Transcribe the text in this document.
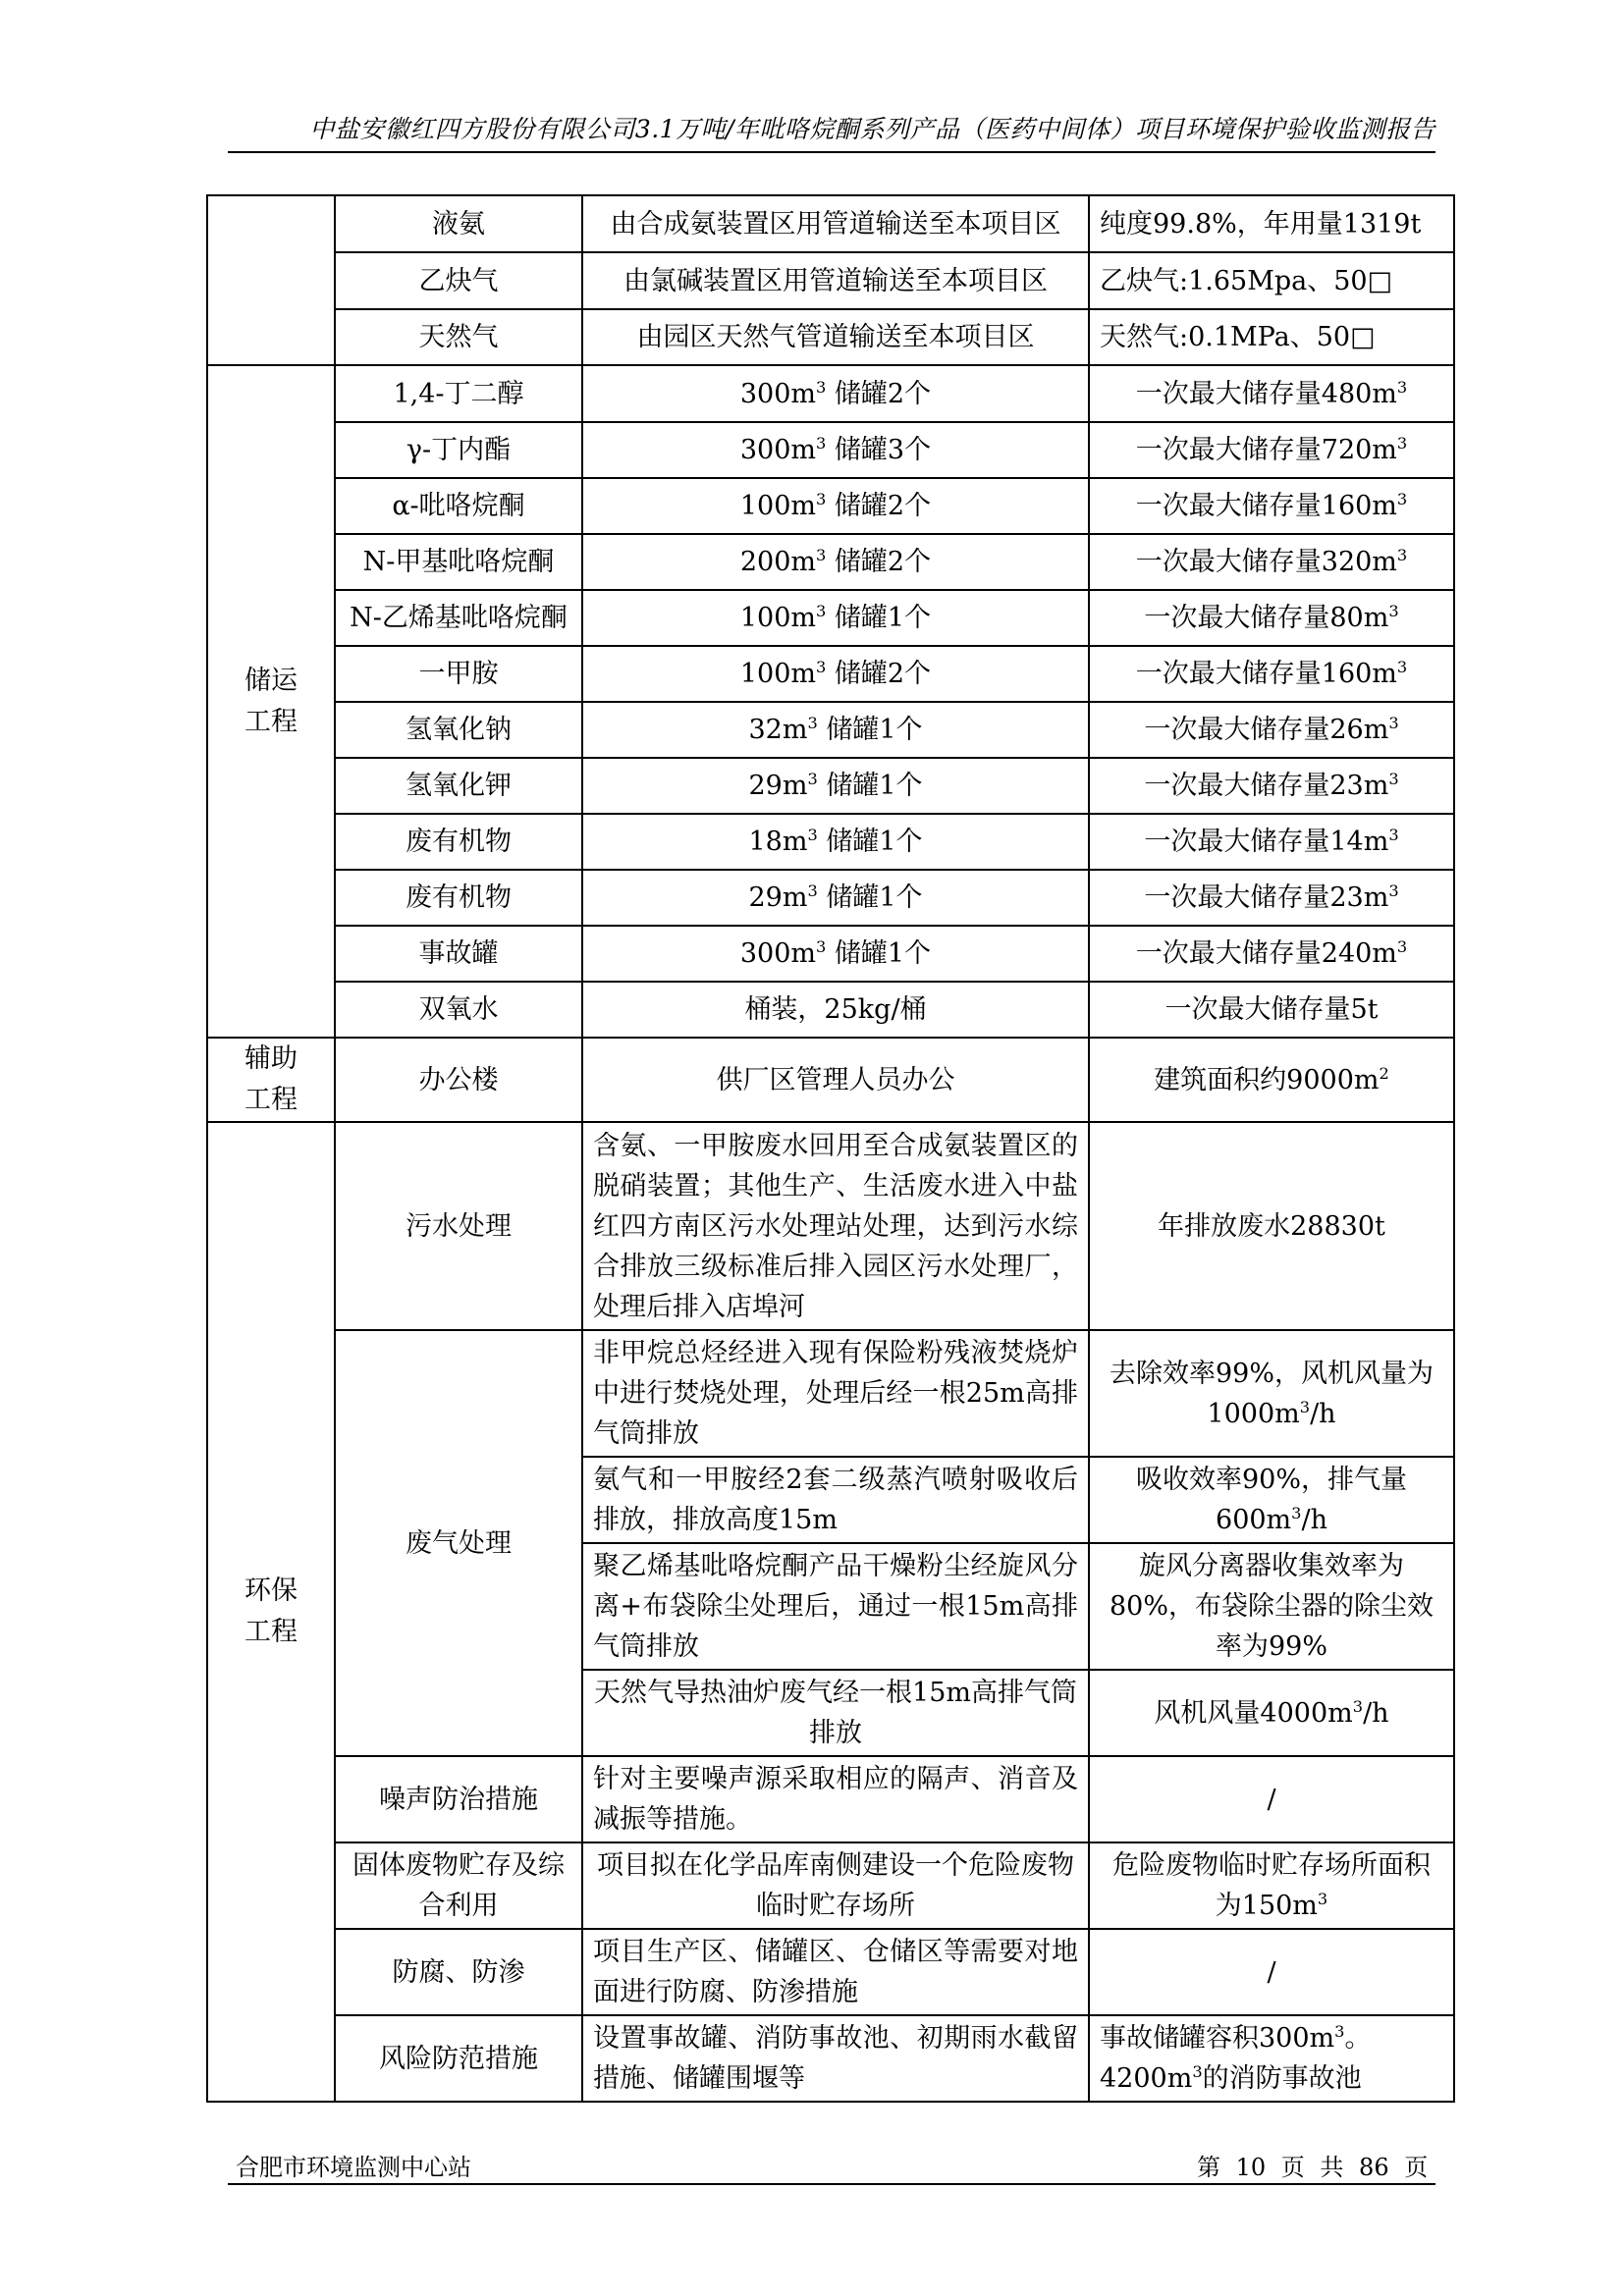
中盐安徽红四方股份有限公司3.1万吨/年吡咯烷酮系列产品（医药中间体）项目环境保护验收监测报告
	液氨	由合成氨装置区用管道输送至本项目区	纯度99.8%，年用量1319t
	乙炔气	由氯碱装置区用管道输送至本项目区	乙炔气:1.65Mpa、50□
	天然气	由园区天然气管道输送至本项目区	天然气:0.1MPa、50□
储运工程	1,4-丁二醇	$300m^3$ 储罐2个	一次最大储存量$480m^3$
	γ-丁内酯	$300m^3$ 储罐3个	一次最大储存量$720m^3$
	α-吡咯烷酮	$100m^3$ 储罐2个	一次最大储存量$160m^3$
	N-甲基吡咯烷酮	$200m^3$ 储罐2个	一次最大储存量$320m^3$
	N-乙烯基吡咯烷酮	$100m^3$ 储罐1个	一次最大储存量$80m^3$
	一甲胺	$100m^3$ 储罐2个	一次最大储存量$160m^3$
	氢氧化钠	$32m^3$ 储罐1个	一次最大储存量$26m^3$
	氢氧化钾	$29m^3$ 储罐1个	一次最大储存量$23m^3$
	废有机物	$18m^3$ 储罐1个	一次最大储存量$14m^3$
	废有机物	$29m^3$ 储罐1个	一次最大储存量$23m^3$
	事故罐	$300m^3$ 储罐1个	一次最大储存量$240m^3$
	双氧水	桶装，25kg/桶	一次最大储存量5t
辅助工程	办公楼	供厂区管理人员办公	建筑面积约$9000m^2$
环保工程	污水处理	含氨、一甲胺废水回用至合成氨装置区的脱硝装置；其他生产、生活废水进入中盐红四方南区污水处理站处理，达到污水综合排放三级标准后排入园区污水处理厂，处理后排入店埠河	年排放废水28830t
	废气处理	非甲烷总烃经进入现有保险粉残液焚烧炉中进行焚烧处理，处理后经一根25m高排气筒排放	去除效率99%，风机风量为$1000m^3/h$
		氨气和一甲胺经2套二级蒸汽喷射吸收后排放，排放高度15m	吸收效率90%，排气量$600m^3/h$
		聚乙烯基吡咯烷酮产品干燥粉尘经旋风分离+布袋除尘处理后，通过一根15m高排气筒排放	旋风分离器收集效率为80%，布袋除尘器的除尘效率为99%
		天然气导热油炉废气经一根15m高排气筒排放	风机风量$4000m^3/h$
	噪声防治措施	针对主要噪声源采取相应的隔声、消音及减振等措施。	/
	固体废物贮存及综合利用	项目拟在化学品库南侧建设一个危险废物临时贮存场所	危险废物临时贮存场所面积为$150m^3$
	防腐、防渗	项目生产区、储罐区、仓储区等需要对地面进行防腐、防渗措施	/
	风险防范措施	设置事故罐、消防事故池、初期雨水截留措施、储罐围堰等	事故储罐容积$300m^3$。$4200m^3$的消防事故池
合肥市环境监测中心站	第 10 页 共 86 页
